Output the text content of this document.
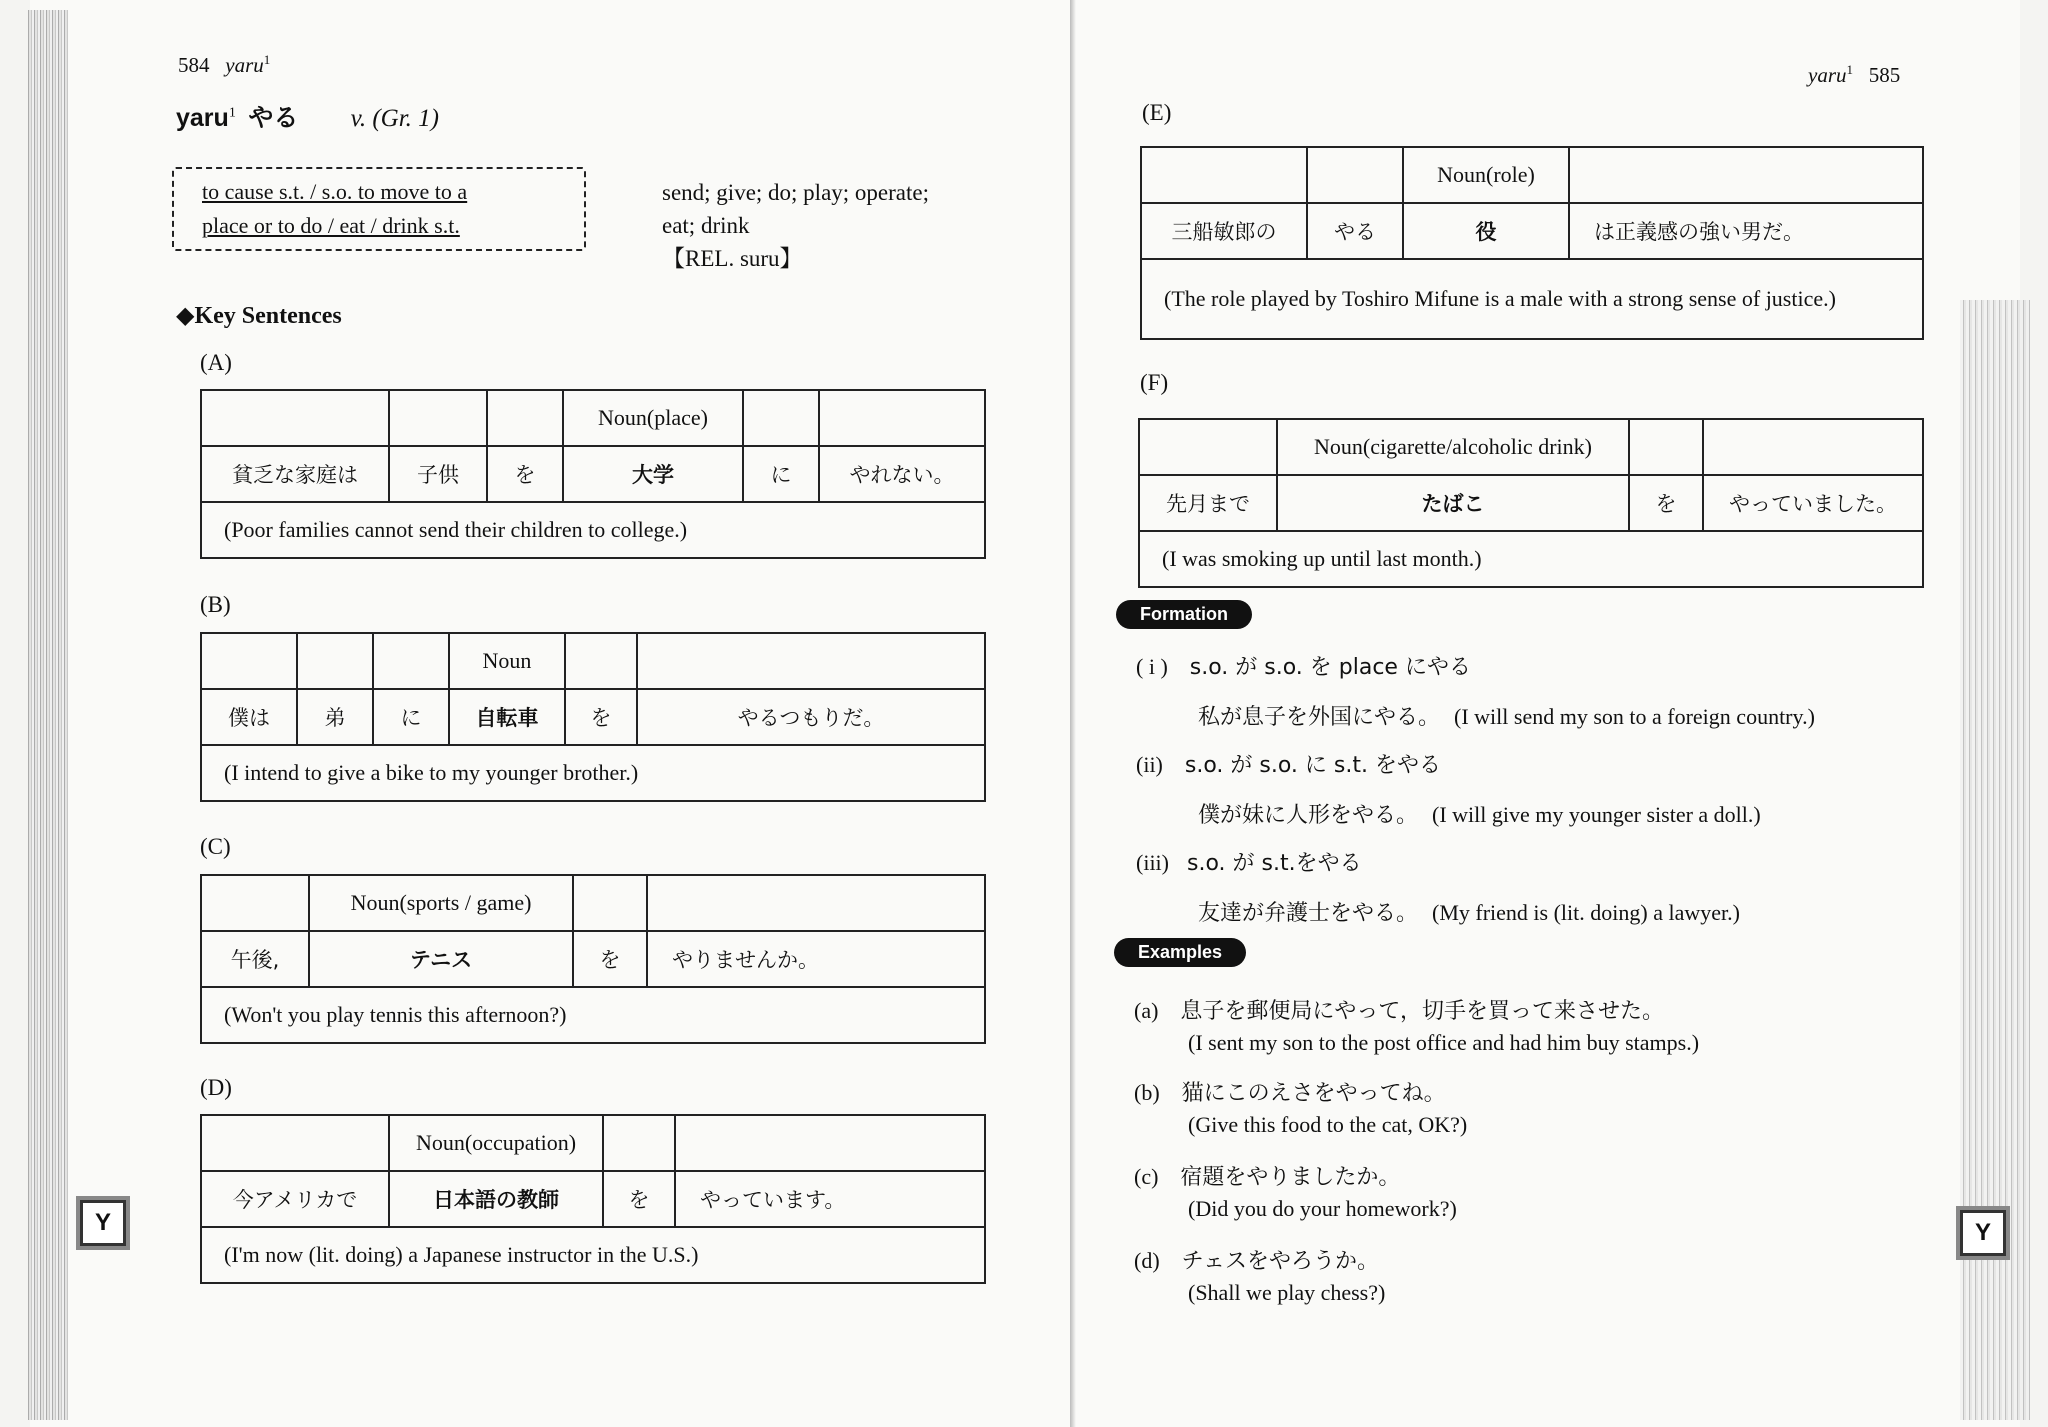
584 yaru$^1$
yaru$^1$ 585
yaru$^1$ やる v. (Gr. 1)
to cause s.t. / s.o. to move to a
place or to do / eat / drink s.t.
send; give; do; play; operate;
eat; drink
【REL. suru】
◆Key Sentences
(A)
			Noun(place)		
貧乏な家庭は	子供	を	大学	に	やれない。
(Poor families cannot send their children to college.)					
(B)
			Noun		
僕は	弟	に	自転車	を	やるつもりだ。
(I intend to give a bike to my younger brother.)					
(C)
	Noun(sports / game)		
午後,	テニス	を	やりませんか。
(Won't you play tennis this afternoon?)			
(D)
	Noun(occupation)		
今アメリカで	日本語の教師	を	やっています。
(I'm now (lit. doing) a Japanese instructor in the U.S.)			
(E)
		Noun(role)	
三船敏郎の	やる	役	は正義感の強い男だ。
(The role played by Toshiro Mifune is a male with a strong sense of justice.)			
(F)
	Noun(cigarette/alcoholic drink)		
先月まで	たばこ	を	やっていました。
(I was smoking up until last month.)			
Formation
( i ) s.o. が s.o. を place にやる
私が息子を外国にやる。 (I will send my son to a foreign country.)
(ii) s.o. が s.o. に s.t. をやる
僕が妹に人形をやる。 (I will give my younger sister a doll.)
(iii) s.o. が s.t.をやる
友達が弁護士をやる。 (My friend is (lit. doing) a lawyer.)
Examples
(a) 息子を郵便局にやって，切手を買って来させた。
(I sent my son to the post office and had him buy stamps.)
(b) 猫にこのえさをやってね。
(Give this food to the cat, OK?)
(c) 宿題をやりましたか。
(Did you do your homework?)
(d) チェスをやろうか。
(Shall we play chess?)
Y	Y
